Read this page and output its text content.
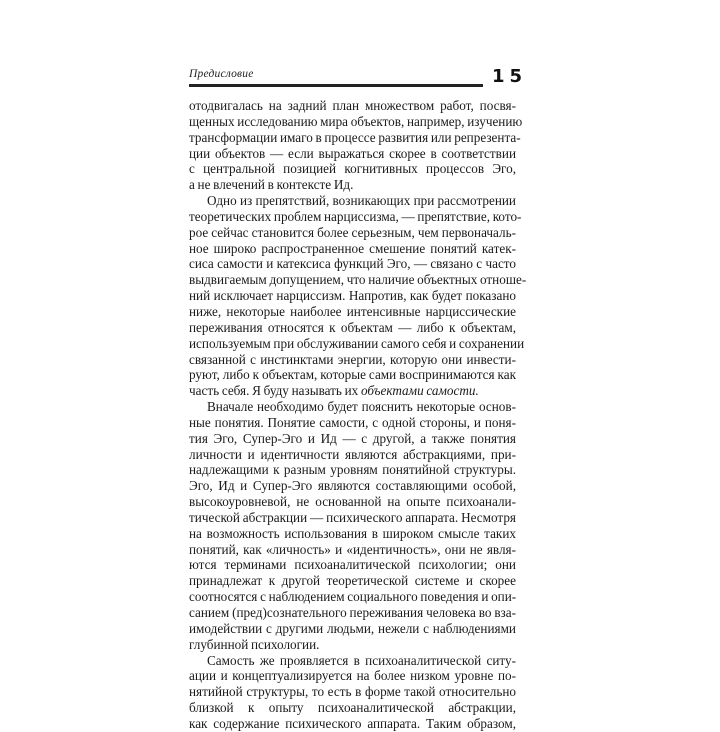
Предисловие	15
отодвигалась на задний план множеством работ, посвя-
щенных исследованию мира объектов, например, изучению
трансформации имаго в процессе развития или репрезента-
ции объектов — если выражаться скорее в соответствии
с центральной позицией когнитивных процессов Эго,
а не влечений в контексте Ид.
Одно из препятствий, возникающих при рассмотрении
теоретических проблем нарциссизма, — препятствие, кото-
рое сейчас становится более серьезным, чем первоначаль-
ное широко распространенное смешение понятий катек-
сиса самости и катексиса функций Эго, — связано с часто
выдвигаемым допущением, что наличие объектных отноше-
ний исключает нарциссизм. Напротив, как будет показано
ниже, некоторые наиболее интенсивные нарциссические
переживания относятся к объектам — либо к объектам,
используемым при обслуживании самого себя и сохранении
связанной с инстинктами энергии, которую они инвести-
руют, либо к объектам, которые сами воспринимаются как
часть себя. Я буду называть их объектами самости.
Вначале необходимо будет пояснить некоторые основ-
ные понятия. Понятие самости, с одной стороны, и поня-
тия Эго, Супер-Эго и Ид — с другой, а также понятия
личности и идентичности являются абстракциями, при-
надлежащими к разным уровням понятийной структуры.
Эго, Ид и Супер-Эго являются составляющими особой,
высокоуровневой, не основанной на опыте психоанали-
тической абстракции — психического аппарата. Несмотря
на возможность использования в широком смысле таких
понятий, как «личность» и «идентичность», они не явля-
ются терминами психоаналитической психологии; они
принадлежат к другой теоретической системе и скорее
соотносятся с наблюдением социального поведения и опи-
санием (пред)сознательного переживания человека во вза-
имодействии с другими людьми, нежели с наблюдениями
глубинной психологии.
Самость же проявляется в психоаналитической ситу-
ации и концептуализируется на более низком уровне по-
нятийной структуры, то есть в форме такой относительно
близкой к опыту психоаналитической абстракции,
как содержание психического аппарата. Таким образом,
